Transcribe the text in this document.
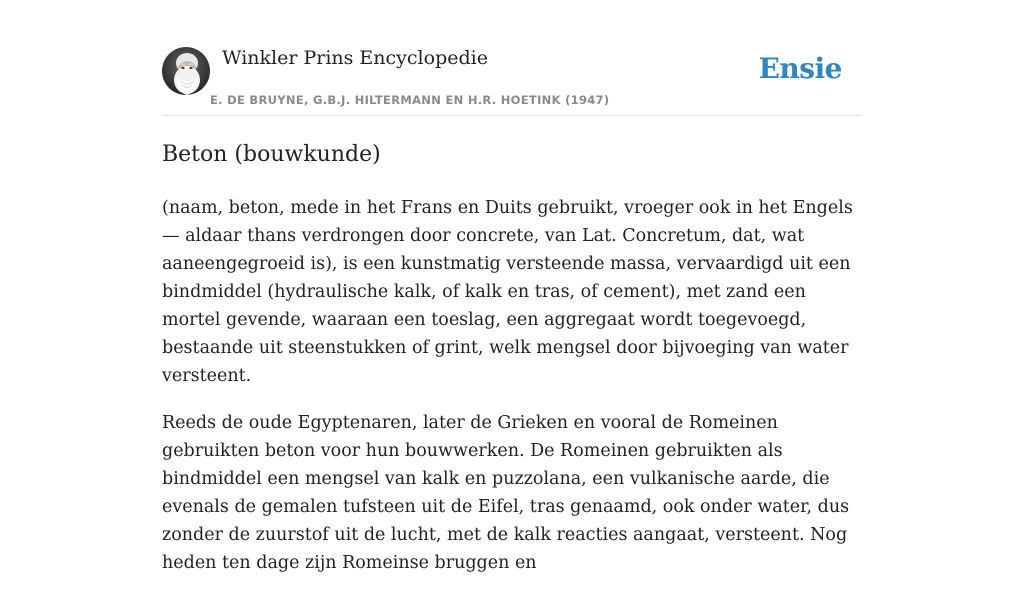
Winkler Prins Encyclopedie
E. DE BRUYNE, G.B.J. HILTERMANN EN H.R. HOETINK (1947)
Ensie
Beton (bouwkunde)

(naam, beton, mede in het Frans en Duits gebruikt, vroeger ook in het Engels — aldaar thans verdrongen door concrete, van Lat. Concretum, dat, wat aaneengegroeid is), is een kunstmatig versteende massa, vervaardigd uit een bindmiddel (hydraulische kalk, of kalk en tras, of cement), met zand een mortel gevende, waaraan een toeslag, een aggregaat wordt toegevoegd, bestaande uit steenstukken of grint, welk mengsel door bijvoeging van water versteent.

Reeds de oude Egyptenaren, later de Grieken en vooral de Romeinen gebruikten beton voor hun bouwwerken. De Romeinen gebruikten als bindmiddel een mengsel van kalk en puzzolana, een vulkanische aarde, die evenals de gemalen tufsteen uit de Eifel, tras genaamd, ook onder water, dus zonder de zuurstof uit de lucht, met de kalk reacties aangaat, versteent. Nog heden ten dage zijn Romeinse bruggen en
